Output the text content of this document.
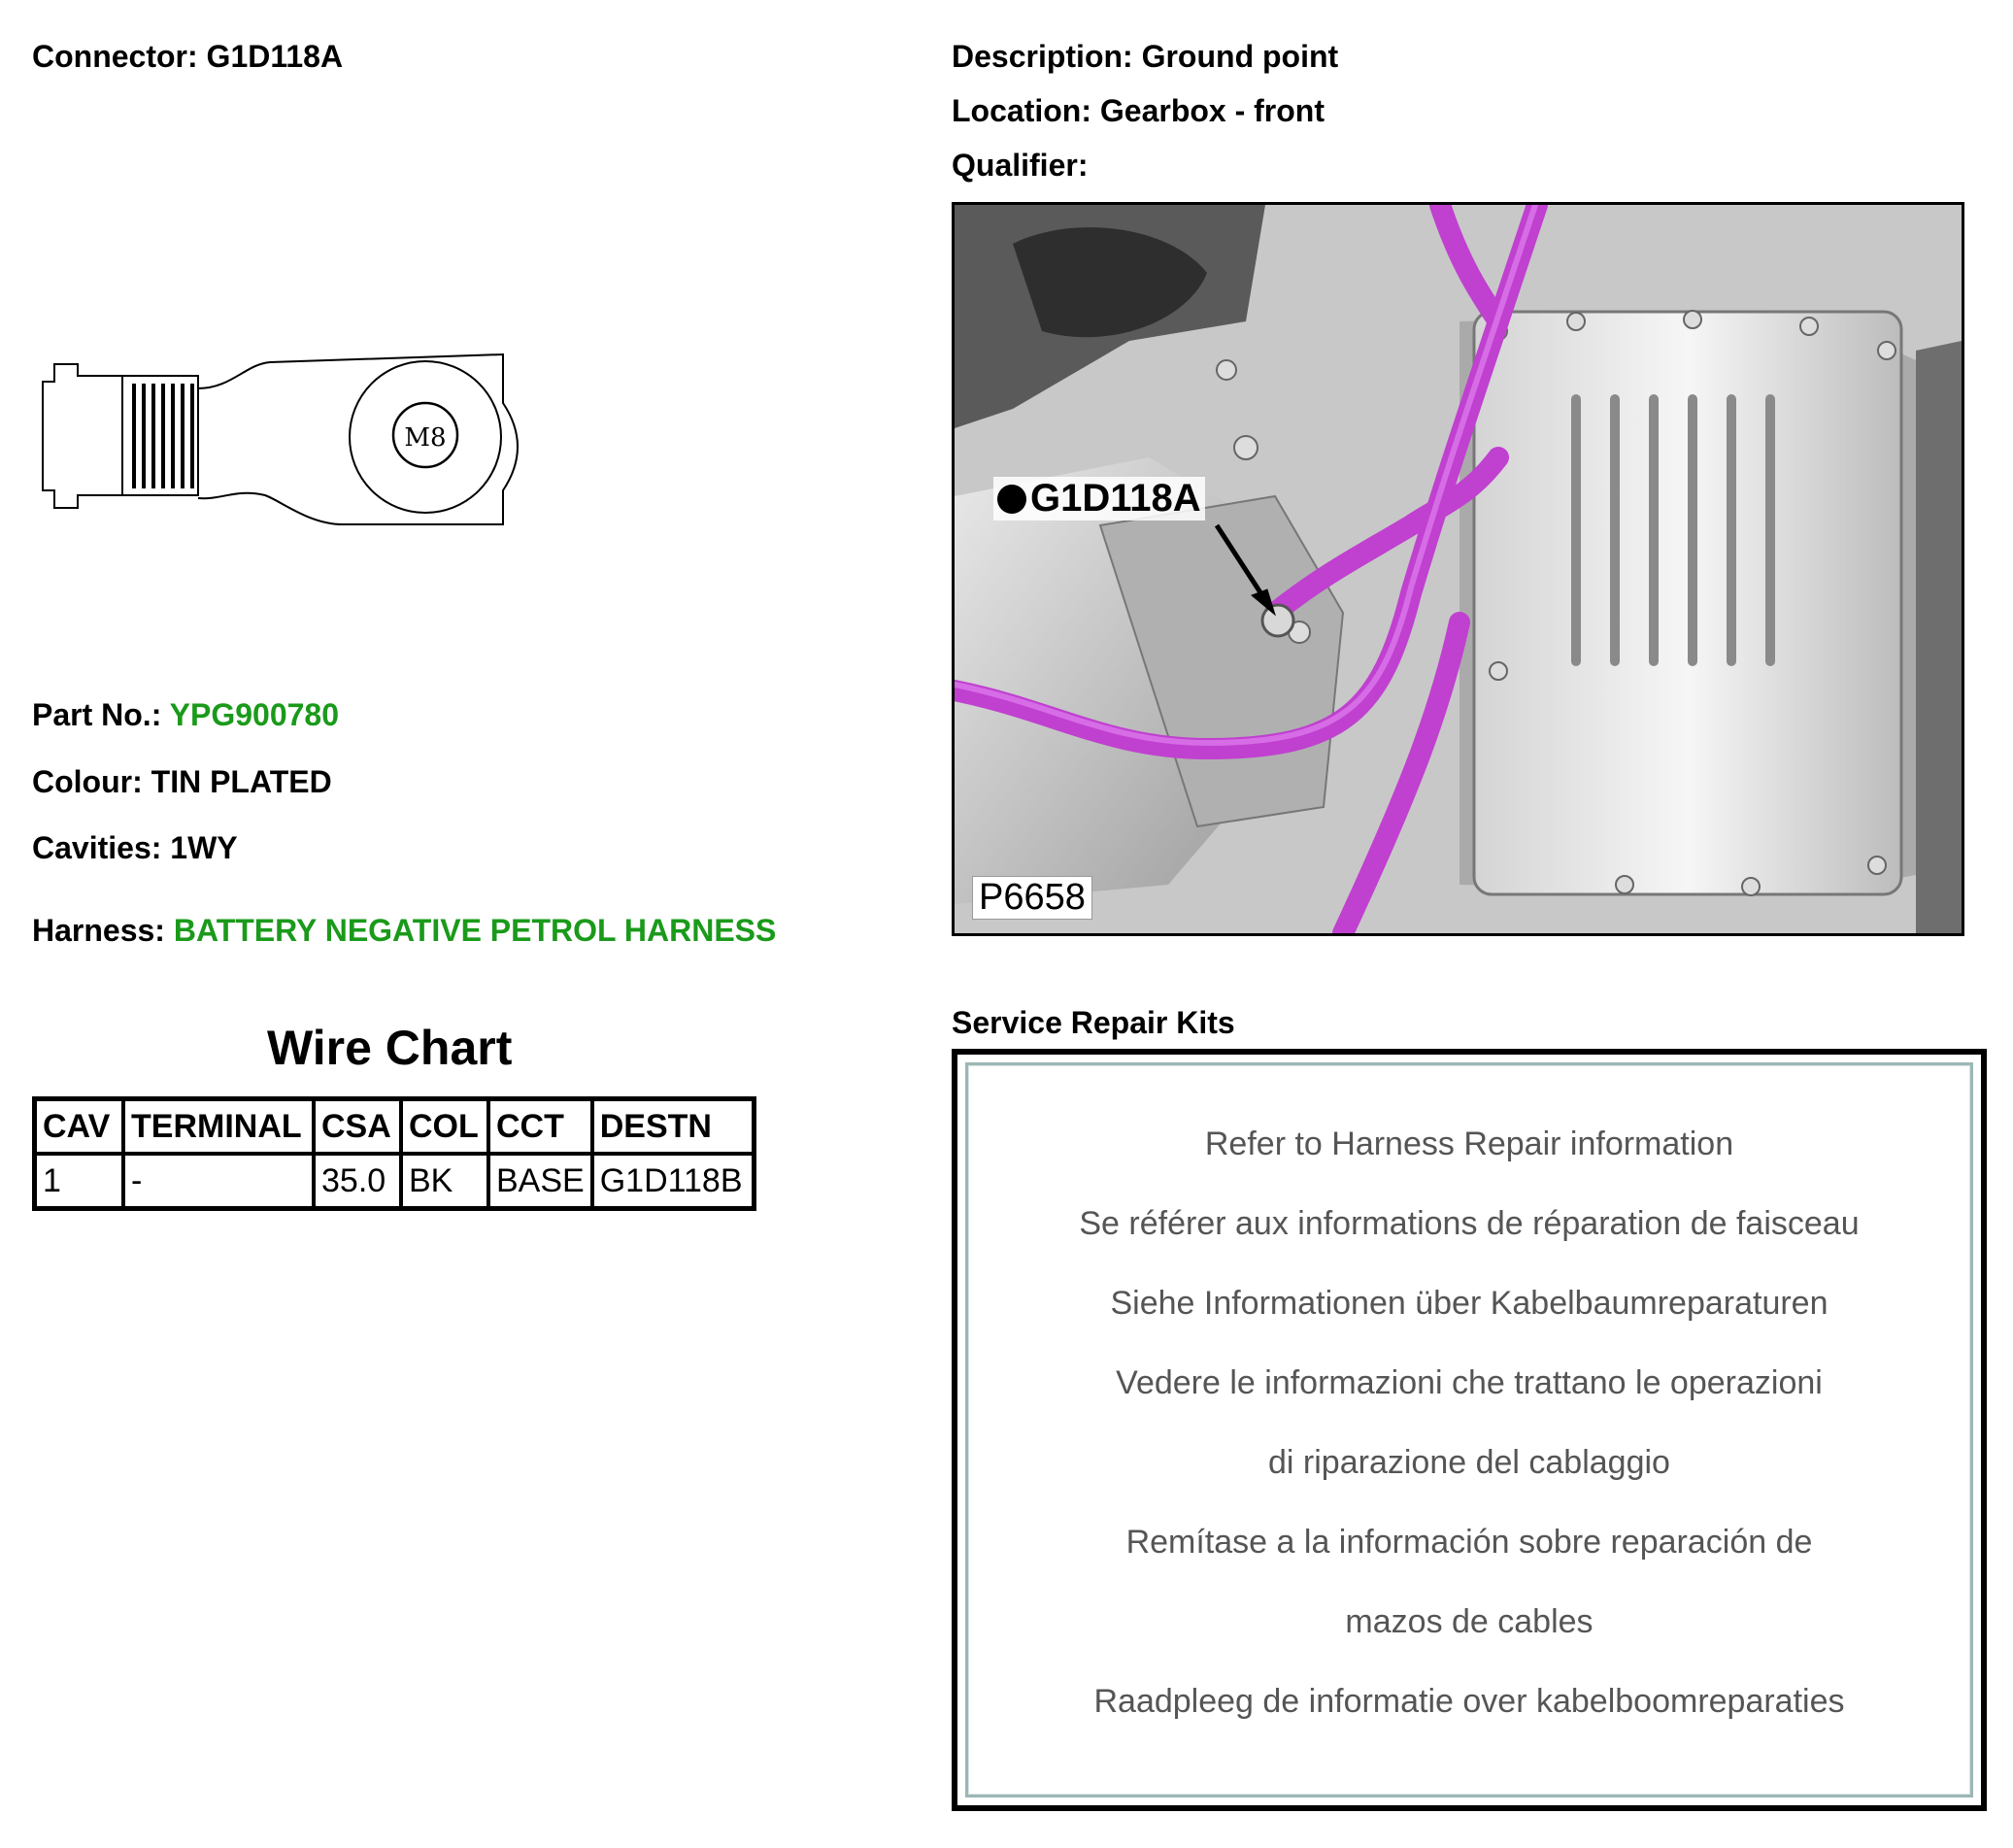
Connector: G1D118A
M8
Part No.: YPG900780
Colour: TIN PLATED
Cavities: 1WY
Harness: BATTERY NEGATIVE PETROL HARNESS
Wire Chart
CAV	TERMINAL	CSA	COL	CCT	DESTN
1	-	35.0	BK	BASE	G1D118B
Description: Ground point
Location: Gearbox - front
Qualifier:
G1D118A
P6658
Service Repair Kits
Refer to Harness Repair information
Se référer aux informations de réparation de faisceau
Siehe Informationen über Kabelbaumreparaturen
Vedere le informazioni che trattano le operazioni
di riparazione del cablaggio
Remítase a la información sobre reparación de
mazos de cables
Raadpleeg de informatie over kabelboomreparaties
